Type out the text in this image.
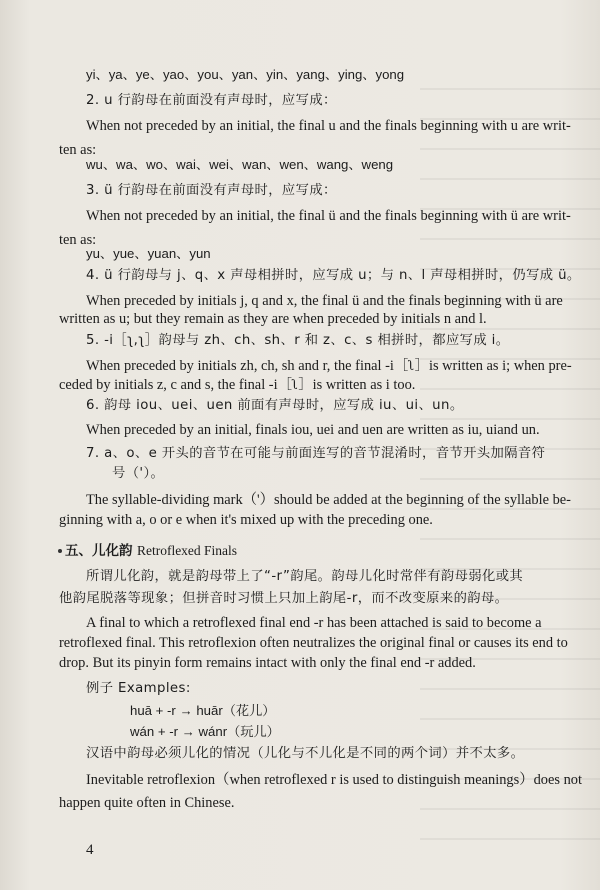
yi、ya、ye、yao、you、yan、yin、yang、ying、yong
2. u 行韵母在前面没有声母时，应写成：
When not preceded by an initial, the final u and the finals beginning with u are writ-
ten as:
wu、wa、wo、wai、wei、wan、wen、wang、weng
3. ü 行韵母在前面没有声母时，应写成：
When not preceded by an initial, the final ü and the finals beginning with ü are writ-
ten as:
yu、yue、yuan、yun
4. ü 行韵母与 j、q、x 声母相拼时，应写成 u；与 n、l 声母相拼时，仍写成 ü。
When preceded by initials j, q and x, the final ü and the finals beginning with ü are
written as u; but they remain as they are when preceded by initials n and l.
5. -i［ʅ,ʅ］韵母与 zh、ch、sh、r 和 z、c、s 相拼时，都应写成 i。
When preceded by initials zh, ch, sh and r, the final -i［ʅ］is written as i; when pre-
ceded by initials z, c and s, the final -i［ʅ］is written as i too.
6. 韵母 iou、uei、uen 前面有声母时，应写成 iu、ui、un。
When preceded by an initial, finals iou, uei and uen are written as iu, uiand un.
7. a、o、e 开头的音节在可能与前面连写的音节混淆时，音节开头加隔音符
号（'）。
The syllable-dividing mark（'）should be added at the beginning of the syllable be-
ginning with a, o or e when it's mixed up with the preceding one.
五、儿化韵 Retroflexed Finals
所谓儿化韵，就是韵母带上了“-r”韵尾。韵母儿化时常伴有韵母弱化或其
他韵尾脱落等现象；但拼音时习惯上只加上韵尾-r，而不改变原来的韵母。
A final to which a retroflexed final end -r has been attached is said to become a
retroflexed final. This retroflexion often neutralizes the original final or causes its end to
drop. But its pinyin form remains intact with only the final end -r added.
例子 Examples:
huā + -r → huār（花儿）
wán + -r → wánr（玩儿）
汉语中韵母必须儿化的情况（儿化与不儿化是不同的两个词）并不太多。
Inevitable retroflexion（when retroflexed r is used to distinguish meanings）does not
happen quite often in Chinese.
4
